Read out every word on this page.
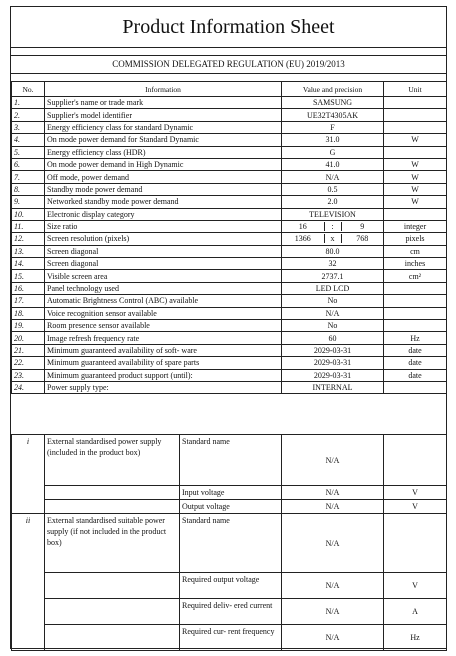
Product Information Sheet
COMMISSION DELEGATED REGULATION (EU) 2019/2013
No.	Information	Value and precision	Unit
1.	Supplier's name or trade mark	SAMSUNG	
2.	Supplier's model identifier	UE32T4305AK	
3.	Energy efficiency class for standard Dynamic	F	
4.	On mode power demand for Standard Dynamic	31.0	W
5.	Energy efficiency class (HDR)	G	
6.	On mode power demand in High Dynamic	41.0	W
7.	Off mode, power demand	N/A	W
8.	Standby mode power demand	0.5	W
9.	Networked standby mode power demand	2.0	W
10.	Electronic display category	TELEVISION	
11.	Size ratio	16 : 9	integer
12.	Screen resolution (pixels)	1366 x 768	pixels
13.	Screen diagonal	80.0	cm
14.	Screen diagonal	32	inches
15.	Visible screen area	2737.1	cm²
16.	Panel technology used	LED LCD	
17.	Automatic Brightness Control (ABC) available	No	
18.	Voice recognition sensor available	N/A	
19.	Room presence sensor available	No	
20.	Image refresh frequency rate	60	Hz
21.	Minimum guaranteed availability of soft- ware	2029-03-31	date
22.	Minimum guaranteed availability of spare parts	2029-03-31	date
23.	Minimum guaranteed product support (until):	2029-03-31	date
24.	Power supply type:	INTERNAL	
i	External standardised power supply (included in the product box)	Standard name	N/A	
		Input voltage	N/A	V
		Output voltage	N/A	V
ii	External standardised suitable power supply (if not included in the product box)	Standard name	N/A	
		Required output voltage	N/A	V
		Required deliv- ered current	N/A	A
		Required cur- rent frequency	N/A	Hz
